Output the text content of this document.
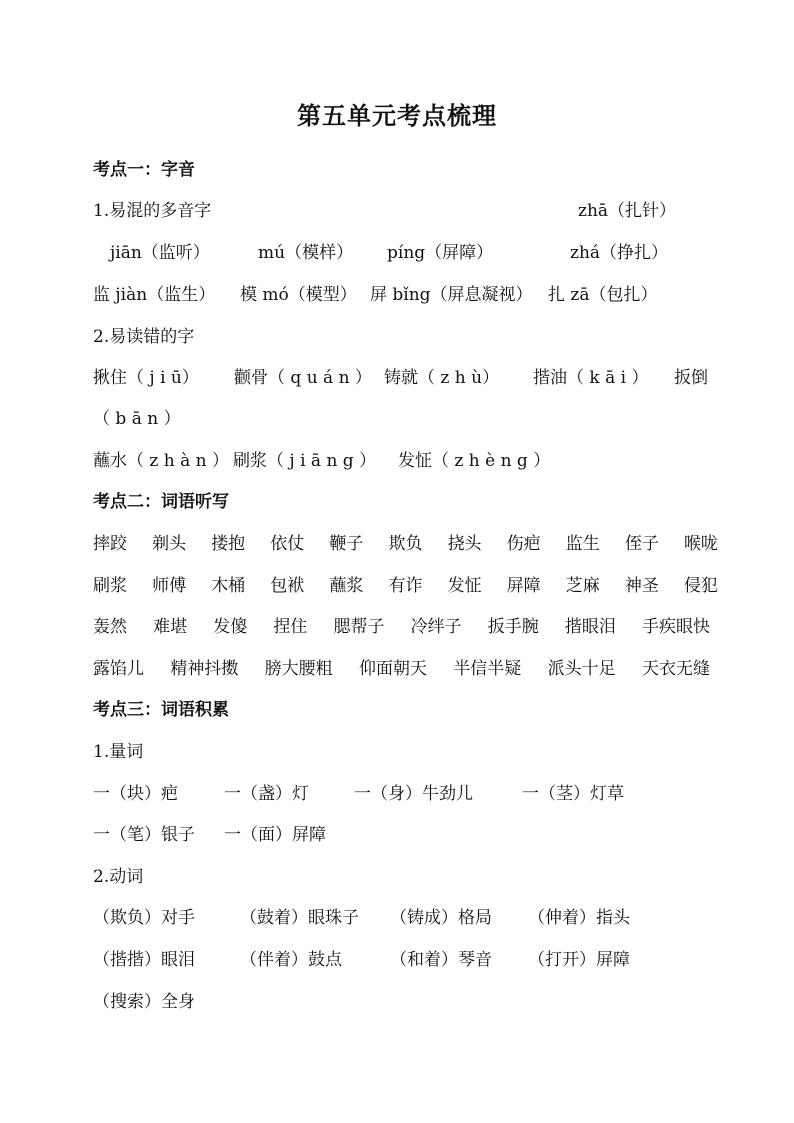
第五单元考点梳理
考点一：字音
1.易混的多音字	zhā（扎针）
jiān（监听）	mú（模样） píng（屏障）	zhá（挣扎）
监 jiàn（监生） 模 mó（模型） 屏 bǐng（屏息凝视） 扎 zā（包扎）
2.易读错的字
揪住（ j i ū） 颧骨（ q u á n ） 铸就（ z h ù） 揩油（ k ā i ） 扳倒
（ b ā n ）
蘸水（ z h à n ） 刷浆（ j i ā n g ） 发怔（ z h è n g ）
考点二：词语听写
摔跤 剃头 搂抱 依仗 鞭子 欺负 挠头 伤疤 监生 侄子 喉咙
刷浆 师傅 木桶 包袱 蘸浆 有诈 发怔 屏障 芝麻 神圣 侵犯
轰然 难堪 发傻 捏住 腮帮子 冷绊子 扳手腕 揩眼泪 手疾眼快
露馅儿 精神抖擞 膀大腰粗 仰面朝天 半信半疑 派头十足 天衣无缝
考点三：词语积累
1.量词
一（块）疤	一（盏）灯	一（身）牛劲儿	一（茎）灯草
一（笔）银子 一（面）屏障
2.动词
（欺负）对手	（鼓着）眼珠子 （铸成）格局 （伸着）指头
（揩揩）眼泪	（伴着）鼓点	（和着）琴音 （打开）屏障
（搜索）全身
